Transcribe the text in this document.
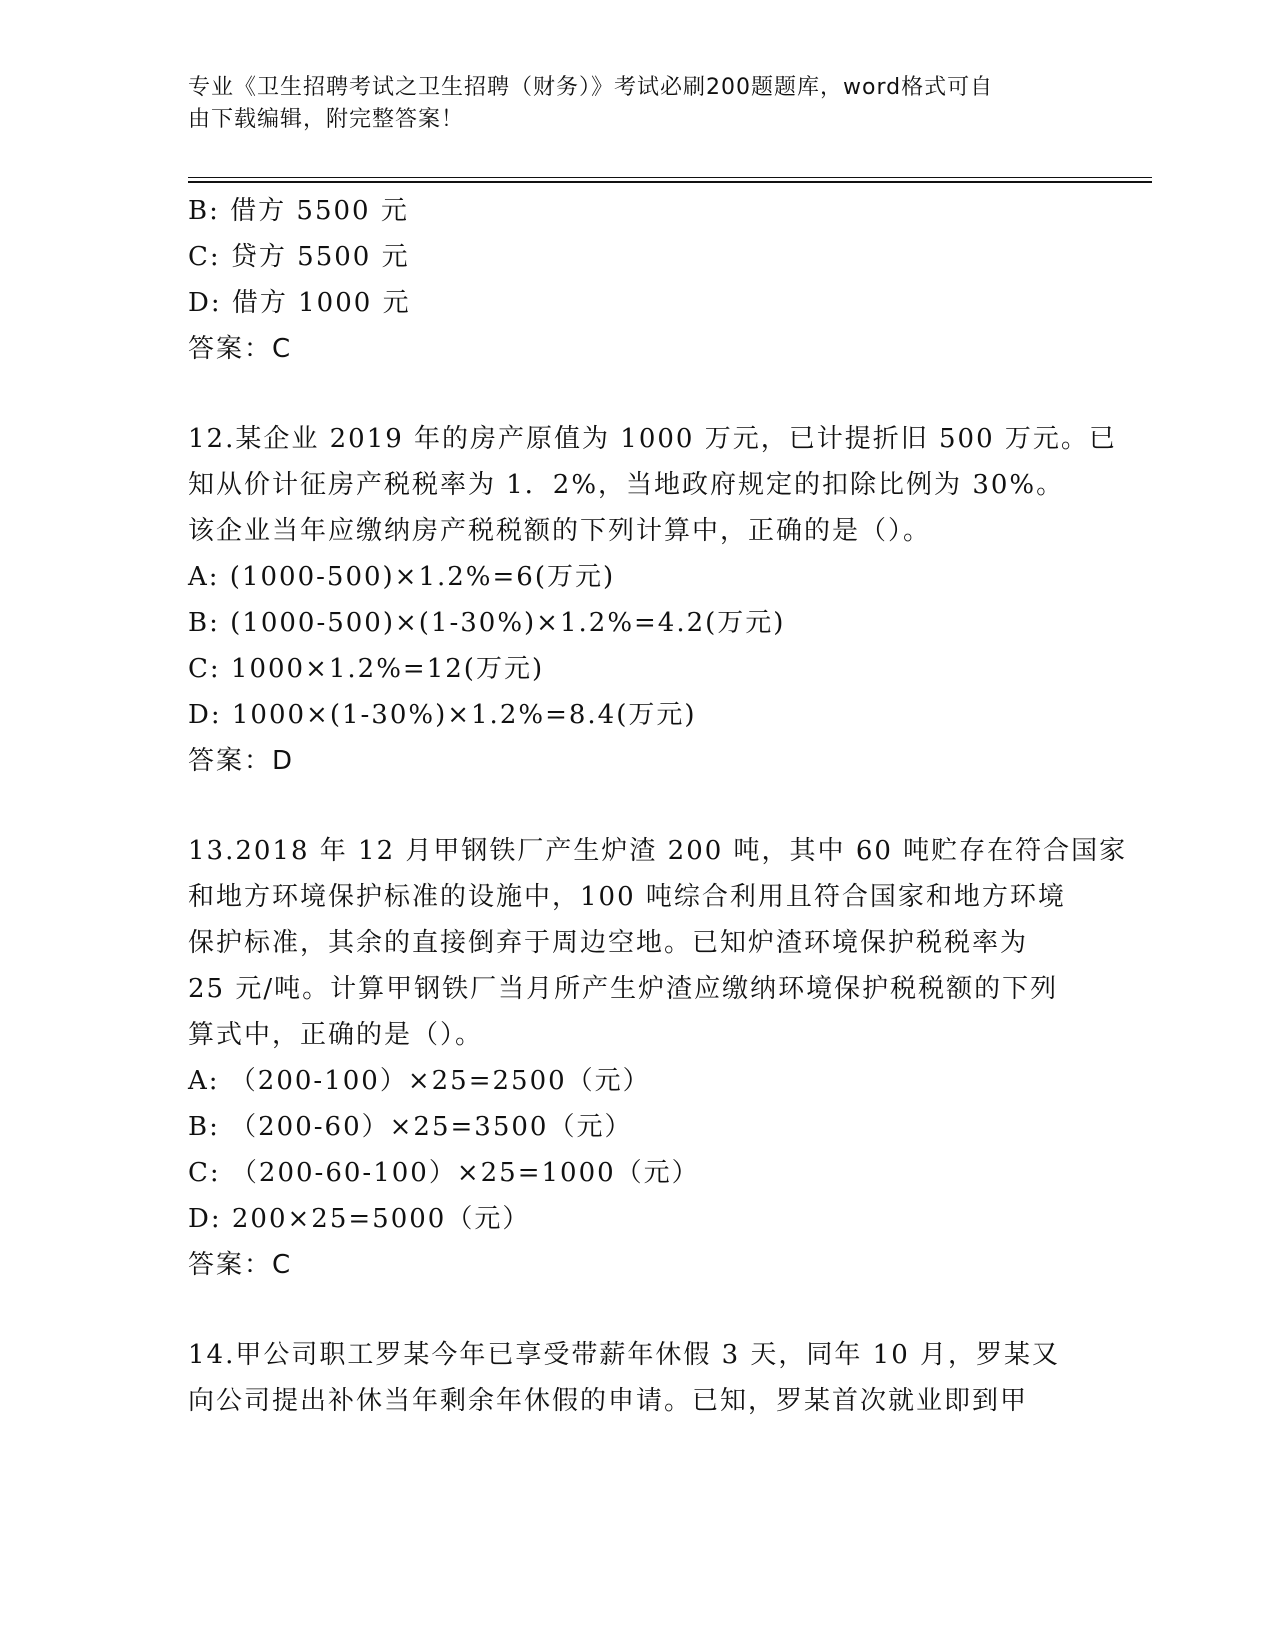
专业《卫生招聘考试之卫生招聘（财务）》考试必刷200题题库，word格式可自
由下载编辑，附完整答案！
B: 借方 5500 元
C: 贷方 5500 元
D: 借方 1000 元
答案：C
12.某企业 2019 年的房产原值为 1000 万元，已计提折旧 500 万元。已
知从价计征房产税税率为 1．2%，当地政府规定的扣除比例为 30%。
该企业当年应缴纳房产税税额的下列计算中，正确的是（）。
A: (1000-500)×1.2%=6(万元)
B: (1000-500)×(1-30%)×1.2%=4.2(万元)
C: 1000×1.2%=12(万元)
D: 1000×(1-30%)×1.2%=8.4(万元)
答案：D
13.2018 年 12 月甲钢铁厂产生炉渣 200 吨，其中 60 吨贮存在符合国家
和地方环境保护标准的设施中，100 吨综合利用且符合国家和地方环境
保护标准，其余的直接倒弃于周边空地。已知炉渣环境保护税税率为
25 元/吨。计算甲钢铁厂当月所产生炉渣应缴纳环境保护税税额的下列
算式中，正确的是（）。
A: （200-100）×25=2500（元）
B: （200-60）×25=3500（元）
C: （200-60-100）×25=1000（元）
D: 200×25=5000（元）
答案：C
14.甲公司职工罗某今年已享受带薪年休假 3 天，同年 10 月，罗某又
向公司提出补休当年剩余年休假的申请。已知，罗某首次就业即到甲
